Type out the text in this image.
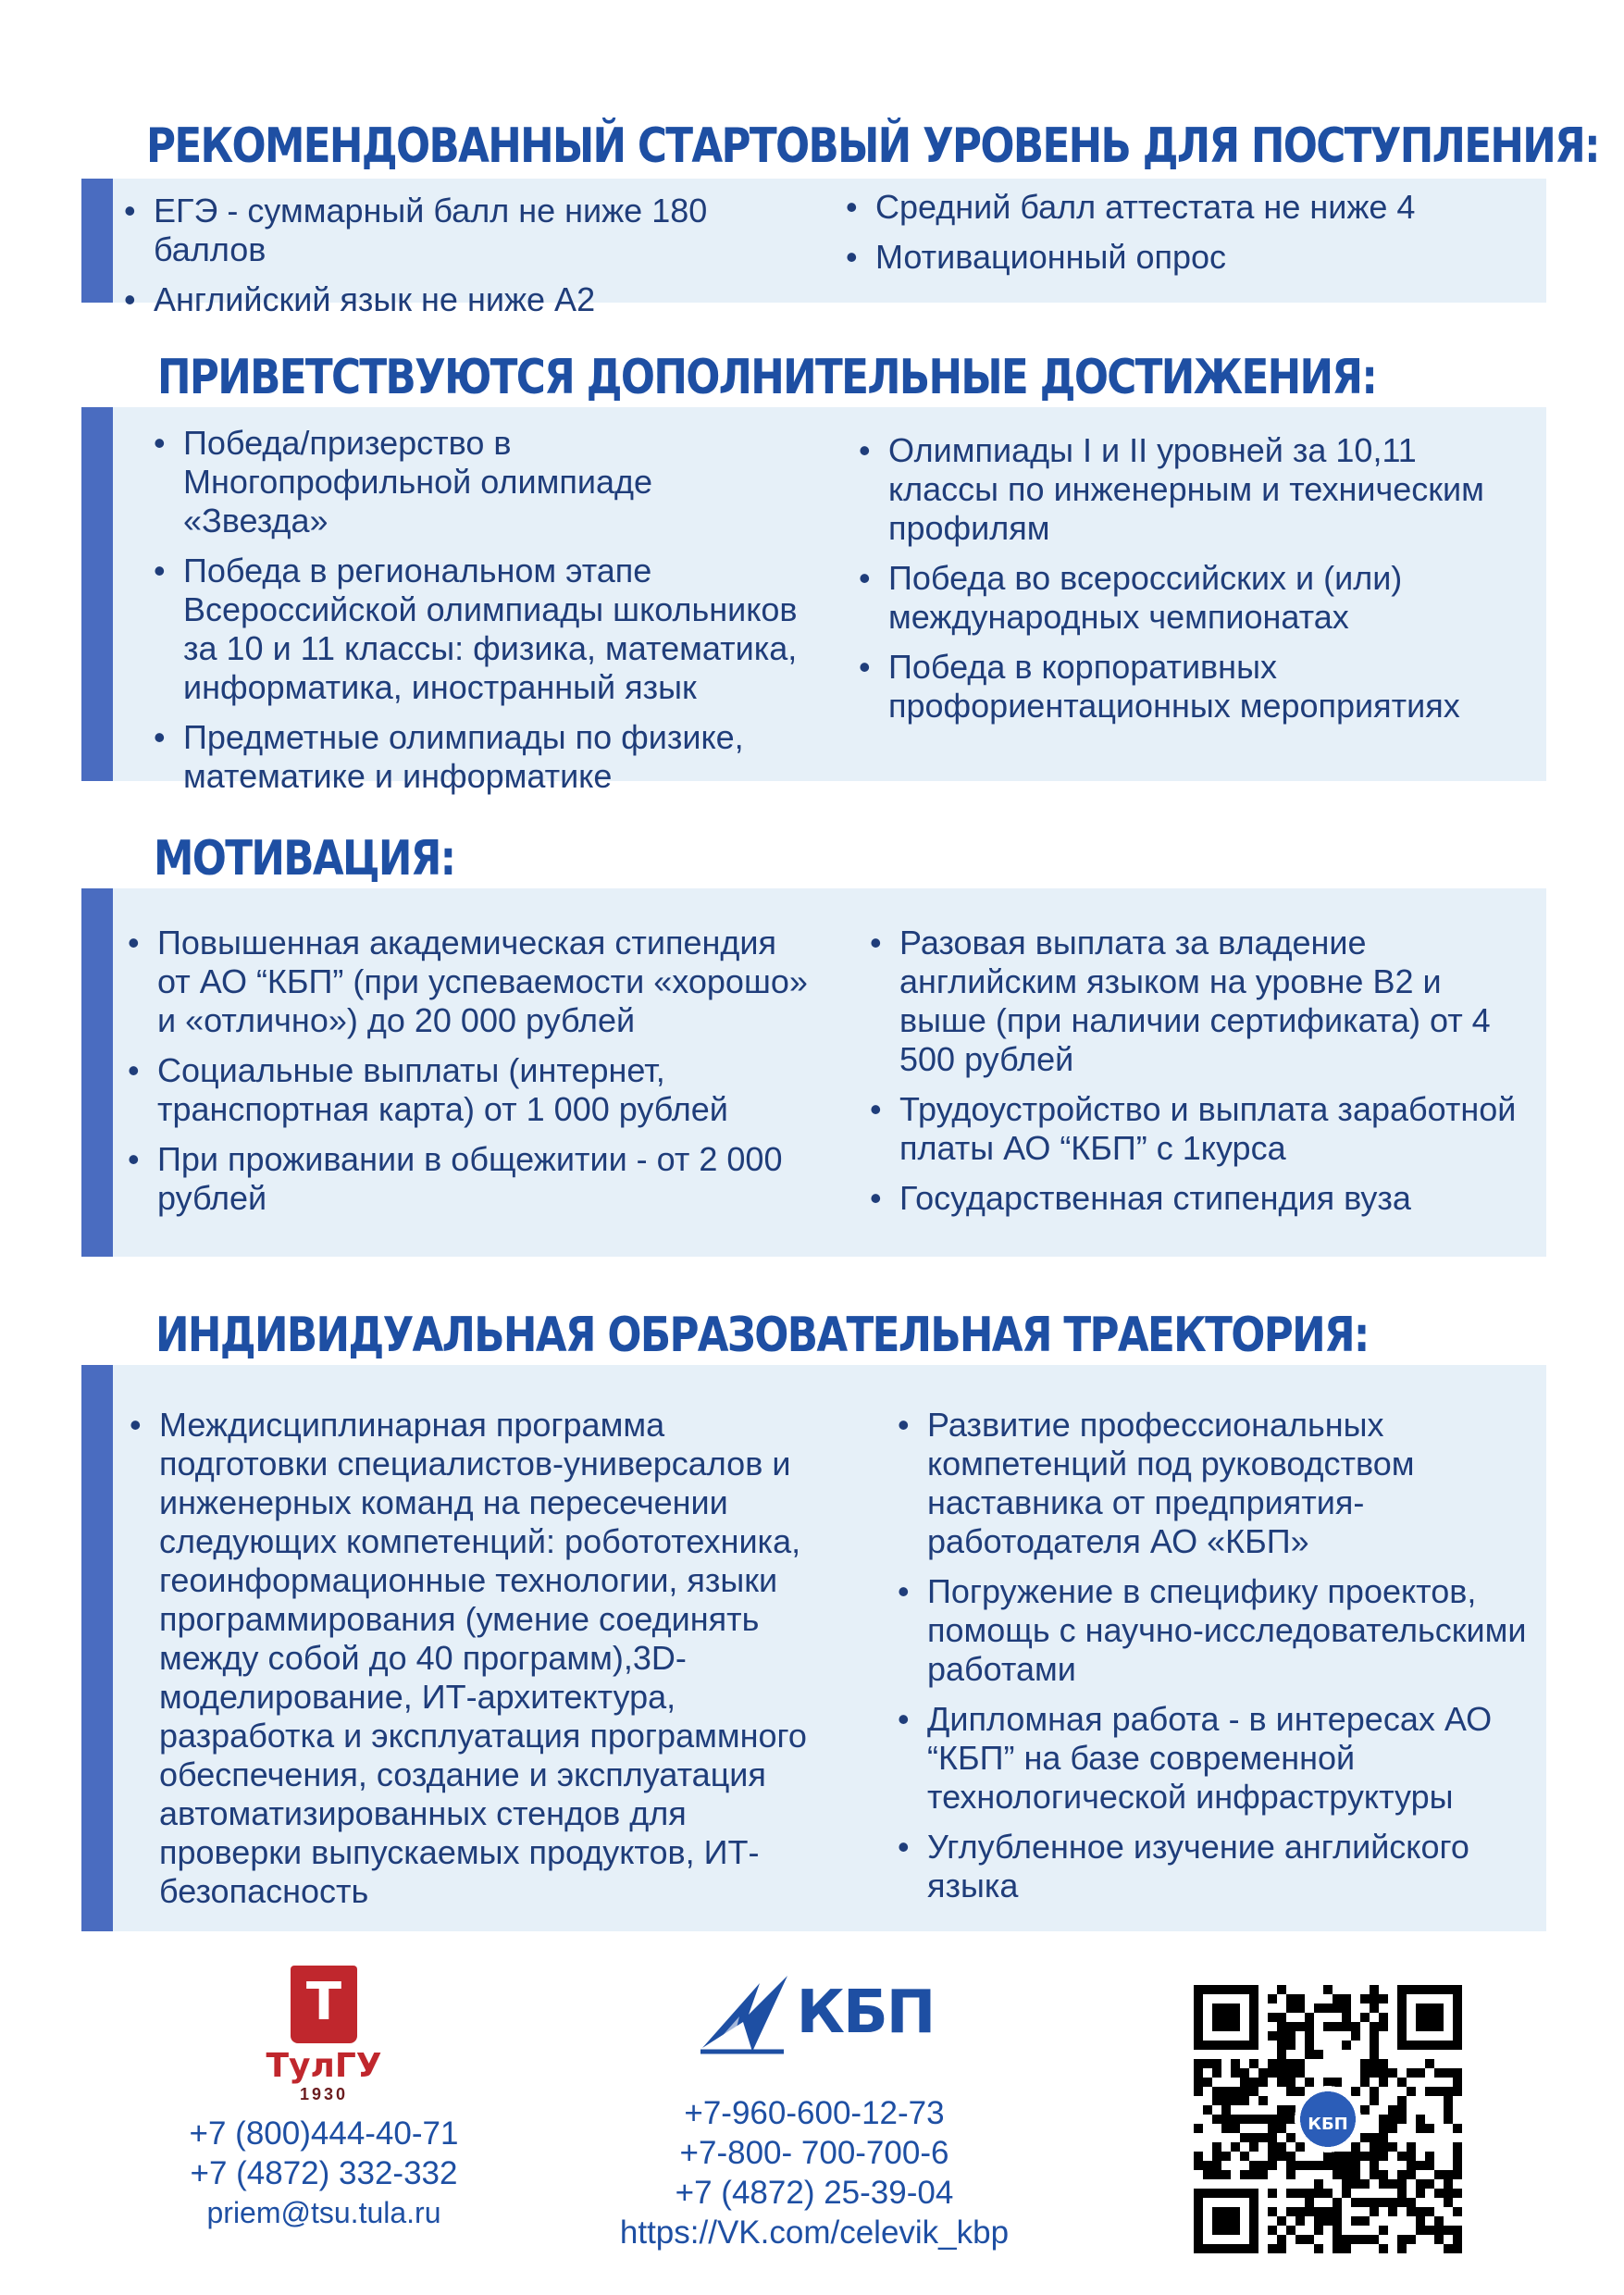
РЕКОМЕНДОВАННЫЙ СТАРТОВЫЙ УРОВЕНЬ ДЛЯ ПОСТУПЛЕНИЯ:
• ЕГЭ - суммарный балл не ниже 180 баллов
• Английский язык не ниже А2
• Средний балл аттестата не ниже 4
• Мотивационный опрос
ПРИВЕТСТВУЮТСЯ ДОПОЛНИТЕЛЬНЫЕ ДОСТИЖЕНИЯ:
• Победа/призерство в Многопрофильной олимпиаде «Звезда»
• Победа в региональном этапе Всероссийской олимпиады школьников за 10 и 11 классы: физика, математика, информатика, иностранный язык
• Предметные олимпиады по физике, математике и информатике
• Олимпиады I и II уровней за 10,11 классы по инженерным и техническим профилям
• Победа во всероссийских и (или) международных чемпионатах
• Победа в корпоративных профориентационных мероприятиях
МОТИВАЦИЯ:
• Повышенная академическая стипендия от АО “КБП” (при успеваемости «хорошо» и «отлично») до 20 000 рублей
• Социальные выплаты (интернет, транспортная карта) от 1 000 рублей
• При проживании в общежитии - от 2 000 рублей
• Разовая выплата за владение английским языком на уровне В2 и выше (при наличии сертификата) от 4 500 рублей
• Трудоустройство и выплата заработной платы АО “КБП” с 1курса
• Государственная стипендия вуза
ИНДИВИДУАЛЬНАЯ ОБРАЗОВАТЕЛЬНАЯ ТРАЕКТОРИЯ:
• Междисциплинарная программа подготовки специалистов-универсалов и инженерных команд на пересечении следующих компетенций: робототехника, геоинформационные технологии, языки программирования (умение соединять между собой до 40 программ),3D-моделирование, ИТ-архитектура, разработка и эксплуатация программного обеспечения, создание и эксплуатация автоматизированных стендов для проверки выпускаемых продуктов, ИТ-безопасность
• Развитие профессиональных компетенций под руководством наставника от предприятия-работодателя АО «КБП»
• Погружение в специфику проектов, помощь с научно-исследовательскими работами
• Дипломная работа - в интересах АО “КБП” на базе современной технологической инфраструктуры
• Углубленное изучение английского языка
Т
ТулГУ
1930
+7 (800)444-40-71
+7 (4872) 332-332
priem@tsu.tula.ru
КБП
+7-960-600-12-73
+7-800- 700-700-6
+7 (4872) 25-39-04
https://VK.com/celevik_kbp
КБП
